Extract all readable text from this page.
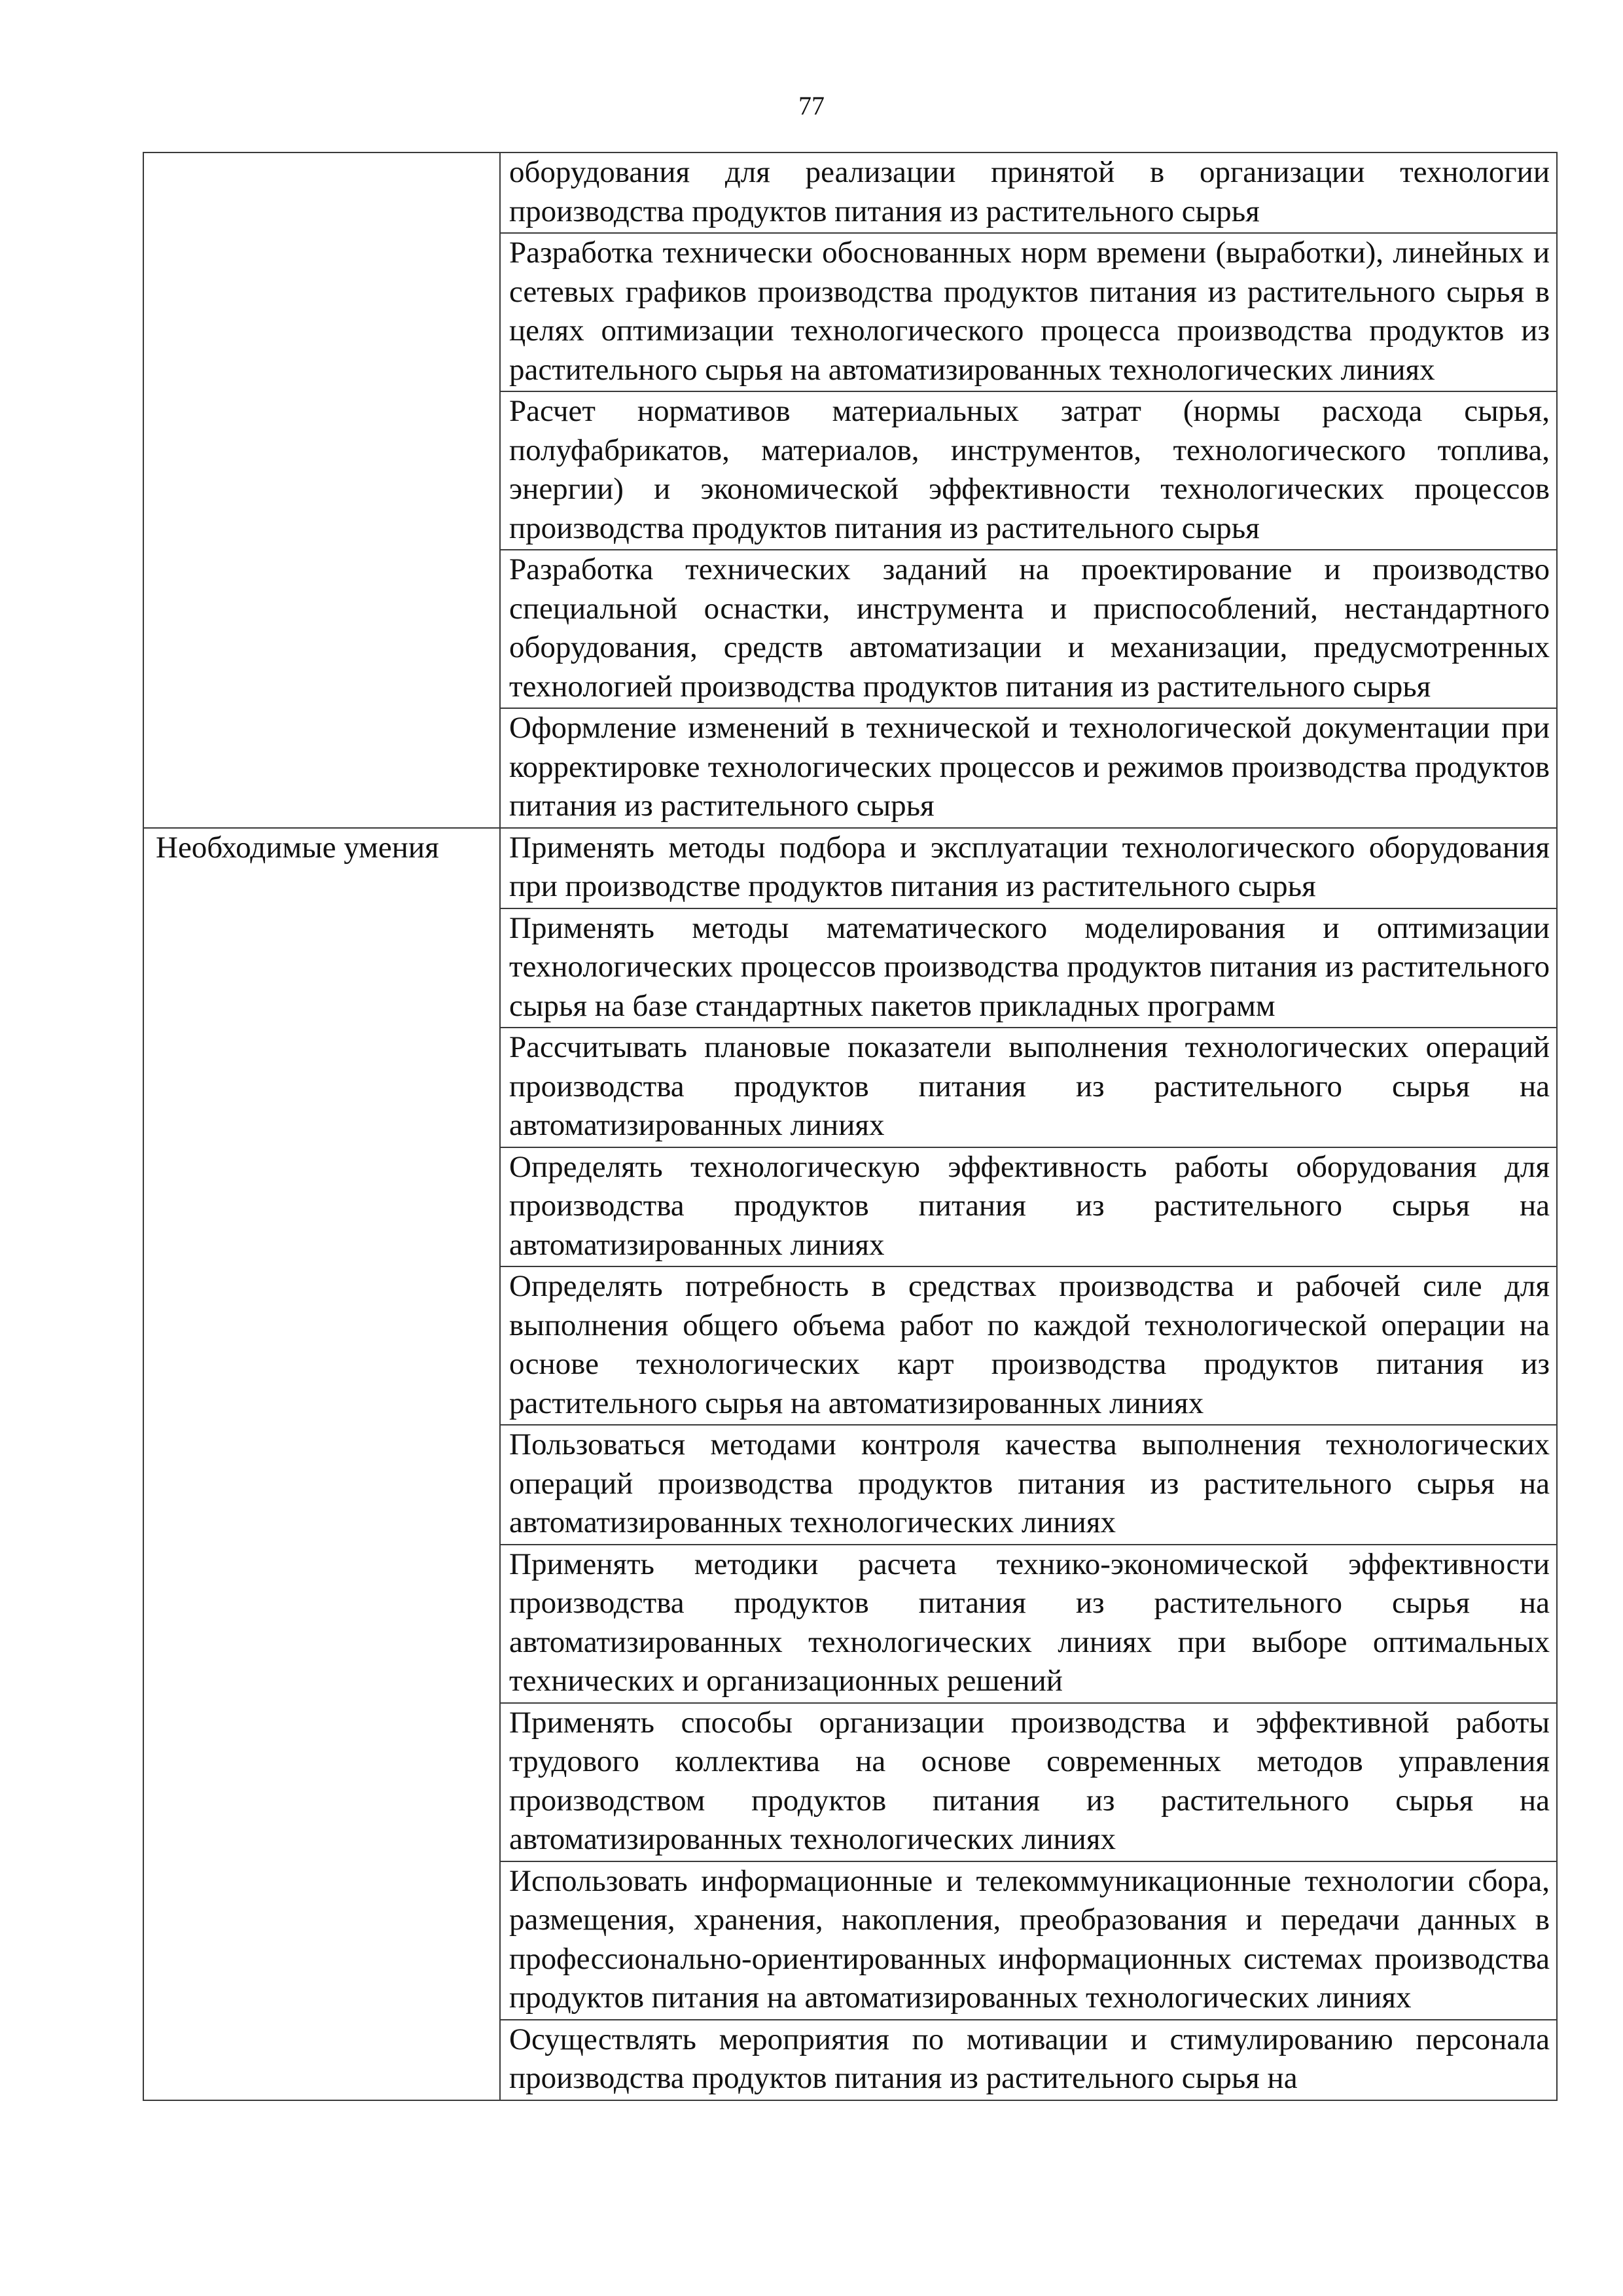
77
	оборудования для реализации принятой в организации технологии производства продуктов питания из растительного сырья
	Разработка технически обоснованных норм времени (выработки), линейных и сетевых графиков производства продуктов питания из растительного сырья в целях оптимизации технологического процесса производства продуктов из растительного сырья на автоматизированных технологических линиях
	Расчет нормативов материальных затрат (нормы расхода сырья, полуфабрикатов, материалов, инструментов, технологического топлива, энергии) и экономической эффективности технологических процессов производства продуктов питания из растительного сырья
	Разработка технических заданий на проектирование и производство специальной оснастки, инструмента и приспособлений, нестандартного оборудования, средств автоматизации и механизации, предусмотренных технологией производства продуктов питания из растительного сырья
	Оформление изменений в технической и технологической документации при корректировке технологических процессов и режимов производства продуктов питания из растительного сырья
Необходимые умения	Применять методы подбора и эксплуатации технологического оборудования при производстве продуктов питания из растительного сырья
	Применять методы математического моделирования и оптимизации технологических процессов производства продуктов питания из растительного сырья на базе стандартных пакетов прикладных программ
	Рассчитывать плановые показатели выполнения технологических операций производства продуктов питания из растительного сырья на автоматизированных линиях
	Определять технологическую эффективность работы оборудования для производства продуктов питания из растительного сырья на автоматизированных линиях
	Определять потребность в средствах производства и рабочей силе для выполнения общего объема работ по каждой технологической операции на основе технологических карт производства продуктов питания из растительного сырья на автоматизированных линиях
	Пользоваться методами контроля качества выполнения технологических операций производства продуктов питания из растительного сырья на автоматизированных технологических линиях
	Применять методики расчета технико-экономической эффективности производства продуктов питания из растительного сырья на автоматизированных технологических линиях при выборе оптимальных технических и организационных решений
	Применять способы организации производства и эффективной работы трудового коллектива на основе современных методов управления производством продуктов питания из растительного сырья на автоматизированных технологических линиях
	Использовать информационные и телекоммуникационные технологии сбора, размещения, хранения, накопления, преобразования и передачи данных в профессионально-ориентированных информационных системах производства продуктов питания на автоматизированных технологических линиях
	Осуществлять мероприятия по мотивации и стимулированию персонала производства продуктов питания из растительного сырья на
